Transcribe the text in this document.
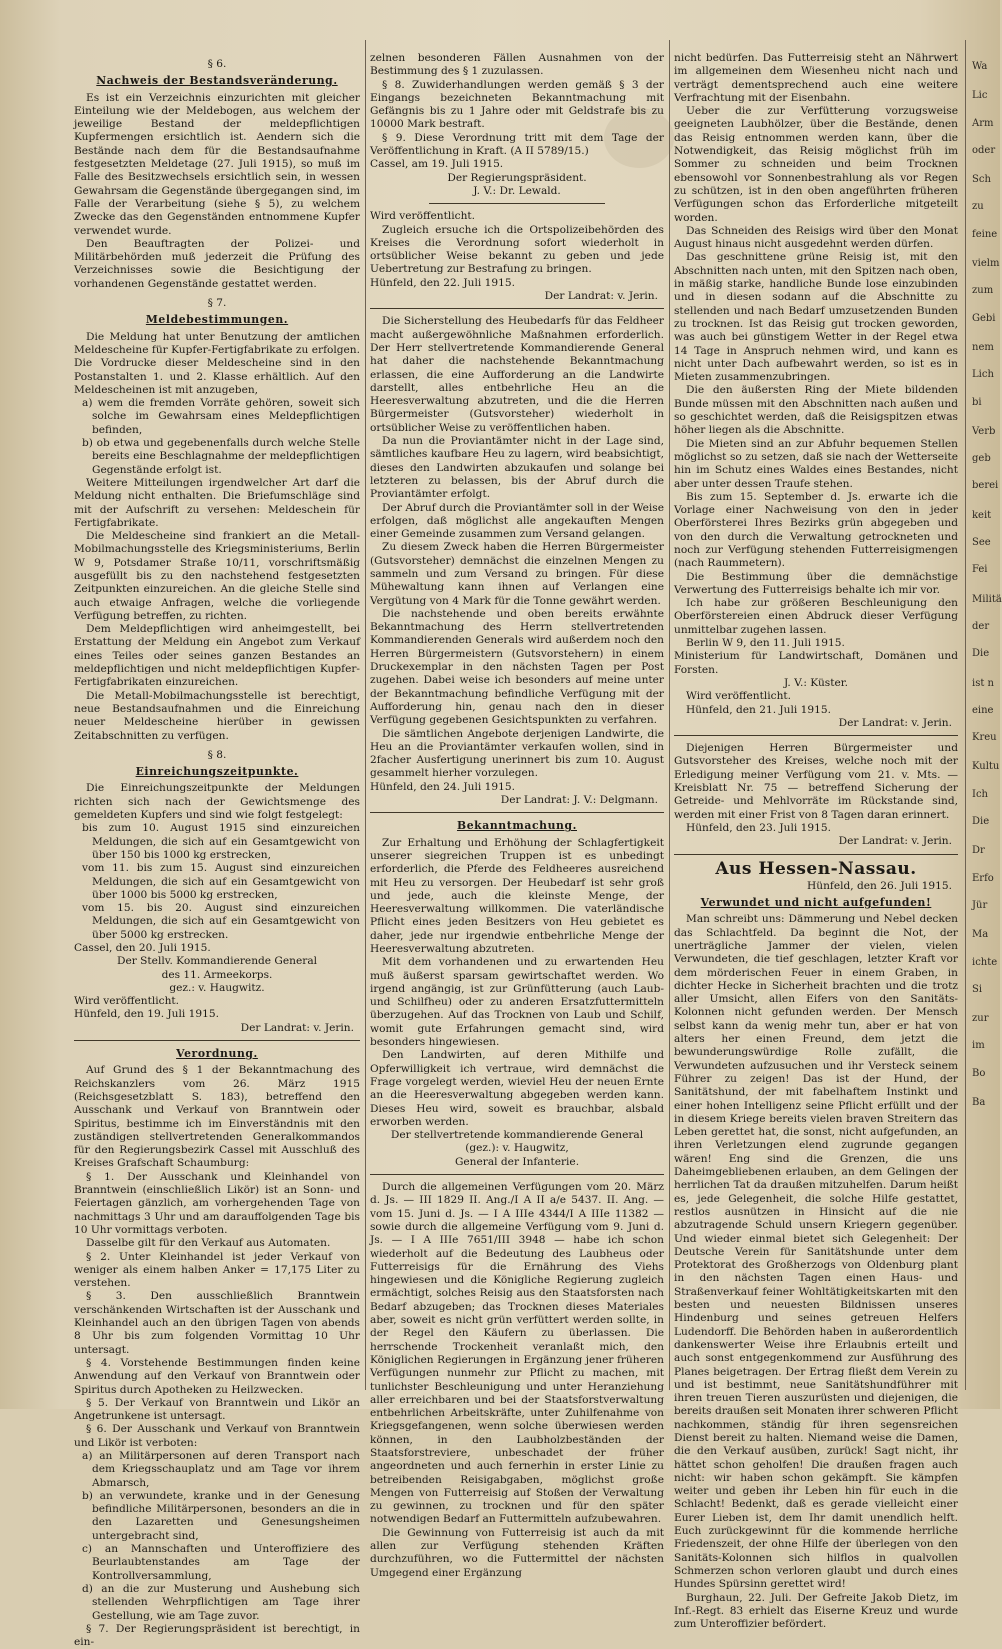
§ 6.
Nachweis der Bestandsveränderung.

Es ist ein Verzeichnis einzurichten mit gleicher Einteilung wie der Meldebogen, aus welchem der jeweilige Bestand der meldepflichtigen Kupfermengen ersichtlich ist. Aendern sich die Bestände nach dem für die Bestandsaufnahme festgesetzten Meldetage (27. Juli 1915), so muß im Falle des Besitzwechsels ersichtlich sein, in wessen Gewahrsam die Gegenstände übergegangen sind, im Falle der Verarbeitung (siehe § 5), zu welchem Zwecke das den Gegenständen entnommene Kupfer verwendet wurde.

Den Beauftragten der Polizei- und Militärbehörden muß jederzeit die Prüfung des Verzeichnisses sowie die Besichtigung der vorhandenen Gegenstände gestattet werden.

§ 7.
Meldebestimmungen.

Die Meldung hat unter Benutzung der amtlichen Meldescheine für Kupfer-Fertigfabrikate zu erfolgen. Die Vordrucke dieser Meldescheine sind in den Postanstalten 1. und 2. Klasse erhältlich. Auf den Meldescheinen ist mit anzugeben,

a) wem die fremden Vorräte gehören, soweit sich solche im Gewahrsam eines Meldepflichtigen befinden,

b) ob etwa und gegebenenfalls durch welche Stelle bereits eine Beschlagnahme der meldepflichtigen Gegenstände erfolgt ist.

Weitere Mitteilungen irgendwelcher Art darf die Meldung nicht enthalten. Die Briefumschläge sind mit der Aufschrift zu versehen: Meldeschein für Fertigfabrikate.

Die Meldescheine sind frankiert an die Metall-Mobilmachungsstelle des Kriegsministeriums, Berlin W 9, Potsdamer Straße 10/11, vorschriftsmäßig ausgefüllt bis zu den nachstehend festgesetzten Zeitpunkten einzureichen. An die gleiche Stelle sind auch etwaige Anfragen, welche die vorliegende Verfügung betreffen, zu richten.

Dem Meldepflichtigen wird anheimgestellt, bei Erstattung der Meldung ein Angebot zum Verkauf eines Teiles oder seines ganzen Bestandes an meldepflichtigen und nicht meldepflichtigen Kupfer-Fertigfabrikaten einzureichen.

Die Metall-Mobilmachungsstelle ist berechtigt, neue Bestandsaufnahmen und die Einreichung neuer Meldescheine hierüber in gewissen Zeitabschnitten zu verfügen.

§ 8.
Einreichungszeitpunkte.

Die Einreichungszeitpunkte der Meldungen richten sich nach der Gewichtsmenge des gemeldeten Kupfers und sind wie folgt festgelegt:

bis zum 10. August 1915 sind einzureichen Meldungen, die sich auf ein Gesamtgewicht von über 150 bis 1000 kg erstrecken,

vom 11. bis zum 15. August sind einzureichen Meldungen, die sich auf ein Gesamtgewicht von über 1000 bis 5000 kg erstrecken,

vom 15. bis 20. August sind einzureichen Meldungen, die sich auf ein Gesamtgewicht von über 5000 kg erstrecken.

Cassel, den 20. Juli 1915.

Der Stellv. Kommandierende General
des 11. Armeekorps.
gez.: v. Haugwitz.

Wird veröffentlicht.

Hünfeld, den 19. Juli 1915.

Der Landrat: v. Jerin.
Verordnung.

Auf Grund des § 1 der Bekanntmachung des Reichskanzlers vom 26. März 1915 (Reichsgesetzblatt S. 183), betreffend den Ausschank und Verkauf von Branntwein oder Spiritus, bestimme ich im Einverständnis mit den zuständigen stellvertretenden Generalkommandos für den Regierungsbezirk Cassel mit Ausschluß des Kreises Grafschaft Schaumburg:

§ 1. Der Ausschank und Kleinhandel von Branntwein (einschließlich Likör) ist an Sonn- und Feiertagen gänzlich, am vorhergehenden Tage von nachmittags 3 Uhr und am darauffolgenden Tage bis 10 Uhr vormittags verboten.

Dasselbe gilt für den Verkauf aus Automaten.

§ 2. Unter Kleinhandel ist jeder Verkauf von weniger als einem halben Anker = 17,175 Liter zu verstehen.

§ 3. Den ausschließlich Branntwein verschänkenden Wirtschaften ist der Ausschank und Kleinhandel auch an den übrigen Tagen von abends 8 Uhr bis zum folgenden Vormittag 10 Uhr untersagt.

§ 4. Vorstehende Bestimmungen finden keine Anwendung auf den Verkauf von Branntwein oder Spiritus durch Apotheken zu Heilzwecken.

§ 5. Der Verkauf von Branntwein und Likör an Angetrunkene ist untersagt.

§ 6. Der Ausschank und Verkauf von Branntwein und Likör ist verboten:

a) an Militärpersonen auf deren Transport nach dem Kriegsschauplatz und am Tage vor ihrem Abmarsch,

b) an verwundete, kranke und in der Genesung befindliche Militärpersonen, besonders an die in den Lazaretten und Genesungsheimen untergebracht sind,

c) an Mannschaften und Unteroffiziere des Beurlaubtenstandes am Tage der Kontrollversammlung,

d) an die zur Musterung und Aushebung sich stellenden Wehrpflichtigen am Tage ihrer Gestellung, wie am Tage zuvor.

§ 7. Der Regierungspräsident ist berechtigt, in ein-

zelnen besonderen Fällen Ausnahmen von der Bestimmung des § 1 zuzulassen.

§ 8. Zuwiderhandlungen werden gemäß § 3 der Eingangs bezeichneten Bekanntmachung mit Gefängnis bis zu 1 Jahre oder mit Geldstrafe bis zu 10000 Mark bestraft.

§ 9. Diese Verordnung tritt mit dem Tage der Veröffentlichung in Kraft. (A II 5789/15.)

Cassel, am 19. Juli 1915.

Der Regierungspräsident.
J. V.: Dr. Lewald.

Wird veröffentlicht.

Zugleich ersuche ich die Ortspolizeibehörden des Kreises die Verordnung sofort wiederholt in ortsüblicher Weise bekannt zu geben und jede Uebertretung zur Bestrafung zu bringen.

Hünfeld, den 22. Juli 1915.

Der Landrat: v. Jerin.

Die Sicherstellung des Heubedarfs für das Feldheer macht außergewöhnliche Maßnahmen erforderlich. Der Herr stellvertretende Kommandierende General hat daher die nachstehende Bekanntmachung erlassen, die eine Aufforderung an die Landwirte darstellt, alles entbehrliche Heu an die Heeresverwaltung abzutreten, und die die Herren Bürgermeister (Gutsvorsteher) wiederholt in ortsüblicher Weise zu veröffentlichen haben.

Da nun die Proviantämter nicht in der Lage sind, sämtliches kaufbare Heu zu lagern, wird beabsichtigt, dieses den Landwirten abzukaufen und solange bei letzteren zu belassen, bis der Abruf durch die Proviantämter erfolgt.

Der Abruf durch die Proviantämter soll in der Weise erfolgen, daß möglichst alle angekauften Mengen einer Gemeinde zusammen zum Versand gelangen.

Zu diesem Zweck haben die Herren Bürgermeister (Gutsvorsteher) demnächst die einzelnen Mengen zu sammeln und zum Versand zu bringen. Für diese Mühewaltung kann ihnen auf Verlangen eine Vergütung von 4 Mark für die Tonne gewährt werden.

Die nachstehende und oben bereits erwähnte Bekanntmachung des Herrn stellvertretenden Kommandierenden Generals wird außerdem noch den Herren Bürgermeistern (Gutsvorstehern) in einem Druckexemplar in den nächsten Tagen per Post zugehen. Dabei weise ich besonders auf meine unter der Bekanntmachung befindliche Verfügung mit der Aufforderung hin, genau nach den in dieser Verfügung gegebenen Gesichtspunkten zu verfahren.

Die sämtlichen Angebote derjenigen Landwirte, die Heu an die Proviantämter verkaufen wollen, sind in 2facher Ausfertigung unerinnert bis zum 10. August gesammelt hierher vorzulegen.

Hünfeld, den 24. Juli 1915.

Der Landrat: J. V.: Delgmann.
Bekanntmachung.

Zur Erhaltung und Erhöhung der Schlagfertigkeit unserer siegreichen Truppen ist es unbedingt erforderlich, die Pferde des Feldheeres ausreichend mit Heu zu versorgen. Der Heubedarf ist sehr groß und jede, auch die kleinste Menge, der Heeresverwaltung willkommen. Die vaterländische Pflicht eines jeden Besitzers von Heu gebietet es daher, jede nur irgendwie entbehrliche Menge der Heeresverwaltung abzutreten.

Mit dem vorhandenen und zu erwartenden Heu muß äußerst sparsam gewirtschaftet werden. Wo irgend angängig, ist zur Grünfütterung (auch Laub- und Schilfheu) oder zu anderen Ersatzfuttermitteln überzugehen. Auf das Trocknen von Laub und Schilf, womit gute Erfahrungen gemacht sind, wird besonders hingewiesen.

Den Landwirten, auf deren Mithilfe und Opferwilligkeit ich vertraue, wird demnächst die Frage vorgelegt werden, wieviel Heu der neuen Ernte an die Heeresverwaltung abgegeben werden kann. Dieses Heu wird, soweit es brauchbar, alsbald erworben werden.

Der stellvertretende kommandierende General
(gez.): v. Haugwitz,
General der Infanterie.

Durch die allgemeinen Verfügungen vom 20. März d. Js. — III 1829 II. Ang./I A II a/e 5437. II. Ang. — vom 15. Juni d. Js. — I A IIIe 4344/I A IIIe 11382 — sowie durch die allgemeine Verfügung vom 9. Juni d. Js. — I A IIIe 7651/III 3948 — habe ich schon wiederholt auf die Bedeutung des Laubheus oder Futterreisigs für die Ernährung des Viehs hingewiesen und die Königliche Regierung zugleich ermächtigt, solches Reisig aus den Staatsforsten nach Bedarf abzugeben; das Trocknen dieses Materiales aber, soweit es nicht grün verfüttert werden sollte, in der Regel den Käufern zu überlassen. Die herrschende Trockenheit veranlaßt mich, den Königlichen Regierungen in Ergänzung jener früheren Verfügungen nunmehr zur Pflicht zu machen, mit tunlichster Beschleunigung und unter Heranziehung aller erreichbaren und bei der Staatsforstverwaltung entbehrlichen Arbeitskräfte, unter Zuhilfenahme von Kriegsgefangenen, wenn solche überwiesen werden können, in den Laubholzbeständen der Staatsforstreviere, unbeschadet der früher angeordneten und auch fernerhin in erster Linie zu betreibenden Reisigabgaben, möglichst große Mengen von Futterreisig auf Stoßen der Verwaltung zu gewinnen, zu trocknen und für den später notwendigen Bedarf an Futtermitteln aufzubewahren.

Die Gewinnung von Futterreisig ist auch da mit allen zur Verfügung stehenden Kräften durchzuführen, wo die Futtermittel der nächsten Umgegend einer Ergänzung

nicht bedürfen. Das Futterreisig steht an Nährwert im allgemeinen dem Wiesenheu nicht nach und verträgt dementsprechend auch eine weitere Verfrachtung mit der Eisenbahn.

Ueber die zur Verfütterung vorzugsweise geeigneten Laubhölzer, über die Bestände, denen das Reisig entnommen werden kann, über die Notwendigkeit, das Reisig möglichst früh im Sommer zu schneiden und beim Trocknen ebensowohl vor Sonnenbestrahlung als vor Regen zu schützen, ist in den oben angeführten früheren Verfügungen schon das Erforderliche mitgeteilt worden.

Das Schneiden des Reisigs wird über den Monat August hinaus nicht ausgedehnt werden dürfen.

Das geschnittene grüne Reisig ist, mit den Abschnitten nach unten, mit den Spitzen nach oben, in mäßig starke, handliche Bunde lose einzubinden und in diesen sodann auf die Abschnitte zu stellenden und nach Bedarf umzusetzenden Bunden zu trocknen. Ist das Reisig gut trocken geworden, was auch bei günstigem Wetter in der Regel etwa 14 Tage in Anspruch nehmen wird, und kann es nicht unter Dach aufbewahrt werden, so ist es in Mieten zusammenzubringen.

Die den äußersten Ring der Miete bildenden Bunde müssen mit den Abschnitten nach außen und so geschichtet werden, daß die Reisigspitzen etwas höher liegen als die Abschnitte.

Die Mieten sind an zur Abfuhr bequemen Stellen möglichst so zu setzen, daß sie nach der Wetterseite hin im Schutz eines Waldes eines Bestandes, nicht aber unter dessen Traufe stehen.

Bis zum 15. September d. Js. erwarte ich die Vorlage einer Nachweisung von den in jeder Oberförsterei Ihres Bezirks grün abgegeben und von den durch die Verwaltung getrockneten und noch zur Verfügung stehenden Futterreisigmengen (nach Raummetern).

Die Bestimmung über die demnächstige Verwertung des Futterreisigs behalte ich mir vor.

Ich habe zur größeren Beschleunigung den Oberförstereien einen Abdruck dieser Verfügung unmittelbar zugehen lassen.

Berlin W 9, den 11. Juli 1915.

Ministerium für Landwirtschaft, Domänen und Forsten.

J. V.: Küster.

Wird veröffentlicht.

Hünfeld, den 21. Juli 1915.

Der Landrat: v. Jerin.

Diejenigen Herren Bürgermeister und Gutsvorsteher des Kreises, welche noch mit der Erledigung meiner Verfügung vom 21. v. Mts. — Kreisblatt Nr. 75 — betreffend Sicherung der Getreide- und Mehlvorräte im Rückstande sind, werden mit einer Frist von 8 Tagen daran erinnert.

Hünfeld, den 23. Juli 1915.

Der Landrat: v. Jerin.
Aus Hessen-Nassau.
Hünfeld, den 26. Juli 1915.
Verwundet und nicht aufgefunden!

Man schreibt uns: Dämmerung und Nebel decken das Schlachtfeld. Da beginnt die Not, der unerträgliche Jammer der vielen, vielen Verwundeten, die tief geschlagen, letzter Kraft vor dem mörderischen Feuer in einem Graben, in dichter Hecke in Sicherheit brachten und die trotz aller Umsicht, allen Eifers von den Sanitäts-Kolonnen nicht gefunden werden. Der Mensch selbst kann da wenig mehr tun, aber er hat von alters her einen Freund, dem jetzt die bewunderungswürdige Rolle zufällt, die Verwundeten aufzusuchen und ihr Versteck seinem Führer zu zeigen! Das ist der Hund, der Sanitätshund, der mit fabelhaftem Instinkt und einer hohen Intelligenz seine Pflicht erfüllt und der in diesem Kriege bereits vielen braven Streitern das Leben gerettet hat, die sonst, nicht aufgefunden, an ihren Verletzungen elend zugrunde gegangen wären! Eng sind die Grenzen, die uns Daheimgebliebenen erlauben, an dem Gelingen der herrlichen Tat da draußen mitzuhelfen. Darum heißt es, jede Gelegenheit, die solche Hilfe gestattet, restlos ausnützen in Hinsicht auf die nie abzutragende Schuld unsern Kriegern gegenüber. Und wieder einmal bietet sich Gelegenheit: Der Deutsche Verein für Sanitätshunde unter dem Protektorat des Großherzogs von Oldenburg plant in den nächsten Tagen einen Haus- und Straßenverkauf feiner Wohltätigkeitskarten mit den besten und neuesten Bildnissen unseres Hindenburg und seines getreuen Helfers Ludendorff. Die Behörden haben in außerordentlich dankenswerter Weise ihre Erlaubnis erteilt und auch sonst entgegenkommend zur Ausführung des Planes beigetragen. Der Ertrag fließt dem Verein zu und ist bestimmt, neue Sanitätshundführer mit ihren treuen Tieren auszurüsten und diejenigen, die bereits draußen seit Monaten ihrer schweren Pflicht nachkommen, ständig für ihren segensreichen Dienst bereit zu halten. Niemand weise die Damen, die den Verkauf ausüben, zurück! Sagt nicht, ihr hättet schon geholfen! Die draußen fragen auch nicht: wir haben schon gekämpft. Sie kämpfen weiter und geben ihr Leben hin für euch in die Schlacht! Bedenkt, daß es gerade vielleicht einer Eurer Lieben ist, dem Ihr damit unendlich helft. Euch zurückgewinnt für die kommende herrliche Friedenszeit, der ohne Hilfe der überlegen von den Sanitäts-Kolonnen sich hilflos in qualvollen Schmerzen schon verloren glaubt und durch eines Hundes Spürsinn gerettet wird!

Burghaun, 22. Juli. Der Gefreite Jakob Dietz, im Inf.-Regt. 83 erhielt das Eiserne Kreuz und wurde zum Unteroffizier befördert.

Wa

Lic

Arm

oder

Sch

zu

feine

vielm

zum

Gebi

nem

Lich

bi

Verb

geb

berei

keit

See

Fei

Militä

der

Die

ist n

eine

Kreu

Kultu

Ich

Die

Dr

Erfo

Jür

Ma

ichte

Si

zur

im

Bo

Ba
